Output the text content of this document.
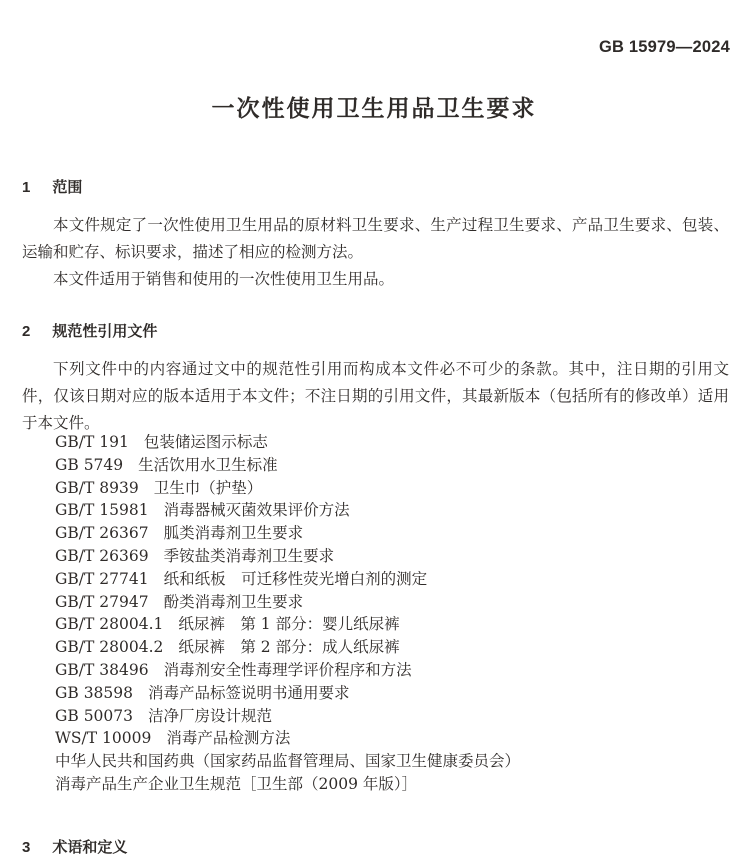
GB 15979—2024
一次性使用卫生用品卫生要求
1 范围

本文件规定了一次性使用卫生用品的原材料卫生要求、生产过程卫生要求、产品卫生要求、包装、运输和贮存、标识要求，描述了相应的检测方法。

本文件适用于销售和使用的一次性使用卫生用品。

2 规范性引用文件

下列文件中的内容通过文中的规范性引用而构成本文件必不可少的条款。其中，注日期的引用文件，仅该日期对应的版本适用于本文件；不注日期的引用文件，其最新版本（包括所有的修改单）适用于本文件。

GB/T 191 包装储运图示标志
GB 5749 生活饮用水卫生标准
GB/T 8939 卫生巾（护垫）
GB/T 15981 消毒器械灭菌效果评价方法
GB/T 26367 胍类消毒剂卫生要求
GB/T 26369 季铵盐类消毒剂卫生要求
GB/T 27741 纸和纸板　可迁移性荧光增白剂的测定
GB/T 27947 酚类消毒剂卫生要求
GB/T 28004.1 纸尿裤　第 1 部分：婴儿纸尿裤
GB/T 28004.2 纸尿裤　第 2 部分：成人纸尿裤
GB/T 38496 消毒剂安全性毒理学评价程序和方法
GB 38598 消毒产品标签说明书通用要求
GB 50073 洁净厂房设计规范
WS/T 10009 消毒产品检测方法
中华人民共和国药典（国家药品监督管理局、国家卫生健康委员会）
消毒产品生产企业卫生规范［卫生部（2009 年版）］
3 术语和定义
